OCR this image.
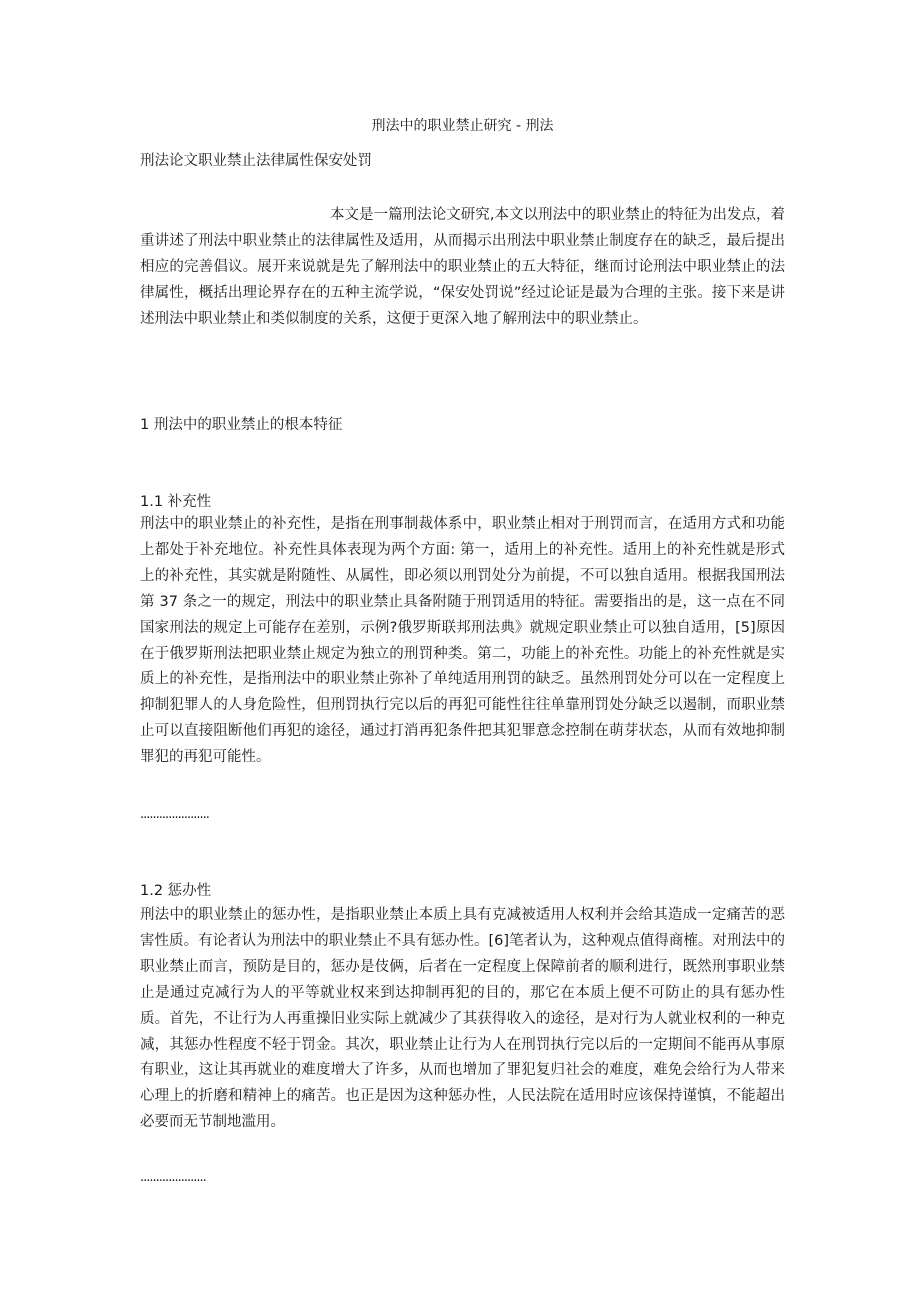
刑法中的职业禁止研究 - 刑法
刑法论文职业禁止法律属性保安处罚
本文是一篇刑法论文研究,本文以刑法中的职业禁止的特征为出发点，着重讲述了刑法中职业禁止的法律属性及适用，从而揭示出刑法中职业禁止制度存在的缺乏，最后提出相应的完善倡议。展开来说就是先了解刑法中的职业禁止的五大特征，继而讨论刑法中职业禁止的法律属性，概括出理论界存在的五种主流学说，“保安处罚说”经过论证是最为合理的主张。接下来是讲述刑法中职业禁止和类似制度的关系，这便于更深入地了解刑法中的职业禁止。
1 刑法中的职业禁止的根本特征
1.1 补充性
刑法中的职业禁止的补充性，是指在刑事制裁体系中，职业禁止相对于刑罚而言，在适用方式和功能上都处于补充地位。补充性具体表现为两个方面: 第一，适用上的补充性。适用上的补充性就是形式上的补充性，其实就是附随性、从属性，即必须以刑罚处分为前提，不可以独自适用。根据我国刑法第 37 条之一的规定，刑法中的职业禁止具备附随于刑罚适用的特征。需要指出的是，这一点在不同国家刑法的规定上可能存在差别，示例?俄罗斯联邦刑法典》就规定职业禁止可以独自适用，[5]原因在于俄罗斯刑法把职业禁止规定为独立的刑罚种类。第二，功能上的补充性。功能上的补充性就是实质上的补充性，是指刑法中的职业禁止弥补了单纯适用刑罚的缺乏。虽然刑罚处分可以在一定程度上抑制犯罪人的人身危险性，但刑罚执行完以后的再犯可能性往往单靠刑罚处分缺乏以遏制，而职业禁止可以直接阻断他们再犯的途径，通过打消再犯条件把其犯罪意念控制在萌芽状态，从而有效地抑制罪犯的再犯可能性。
......................
1.2 惩办性
刑法中的职业禁止的惩办性，是指职业禁止本质上具有克减被适用人权利并会给其造成一定痛苦的恶害性质。有论者认为刑法中的职业禁止不具有惩办性。[6]笔者认为，这种观点值得商榷。对刑法中的职业禁止而言，预防是目的，惩办是伎俩，后者在一定程度上保障前者的顺利进行，既然刑事职业禁止是通过克减行为人的平等就业权来到达抑制再犯的目的，那它在本质上便不可防止的具有惩办性质。首先，不让行为人再重操旧业实际上就减少了其获得收入的途径，是对行为人就业权利的一种克减，其惩办性程度不轻于罚金。其次，职业禁止让行为人在刑罚执行完以后的一定期间不能再从事原有职业，这让其再就业的难度增大了许多，从而也增加了罪犯复归社会的难度，难免会给行为人带来心理上的折磨和精神上的痛苦。也正是因为这种惩办性，人民法院在适用时应该保持谨慎，不能超出必要而无节制地滥用。
.....................
